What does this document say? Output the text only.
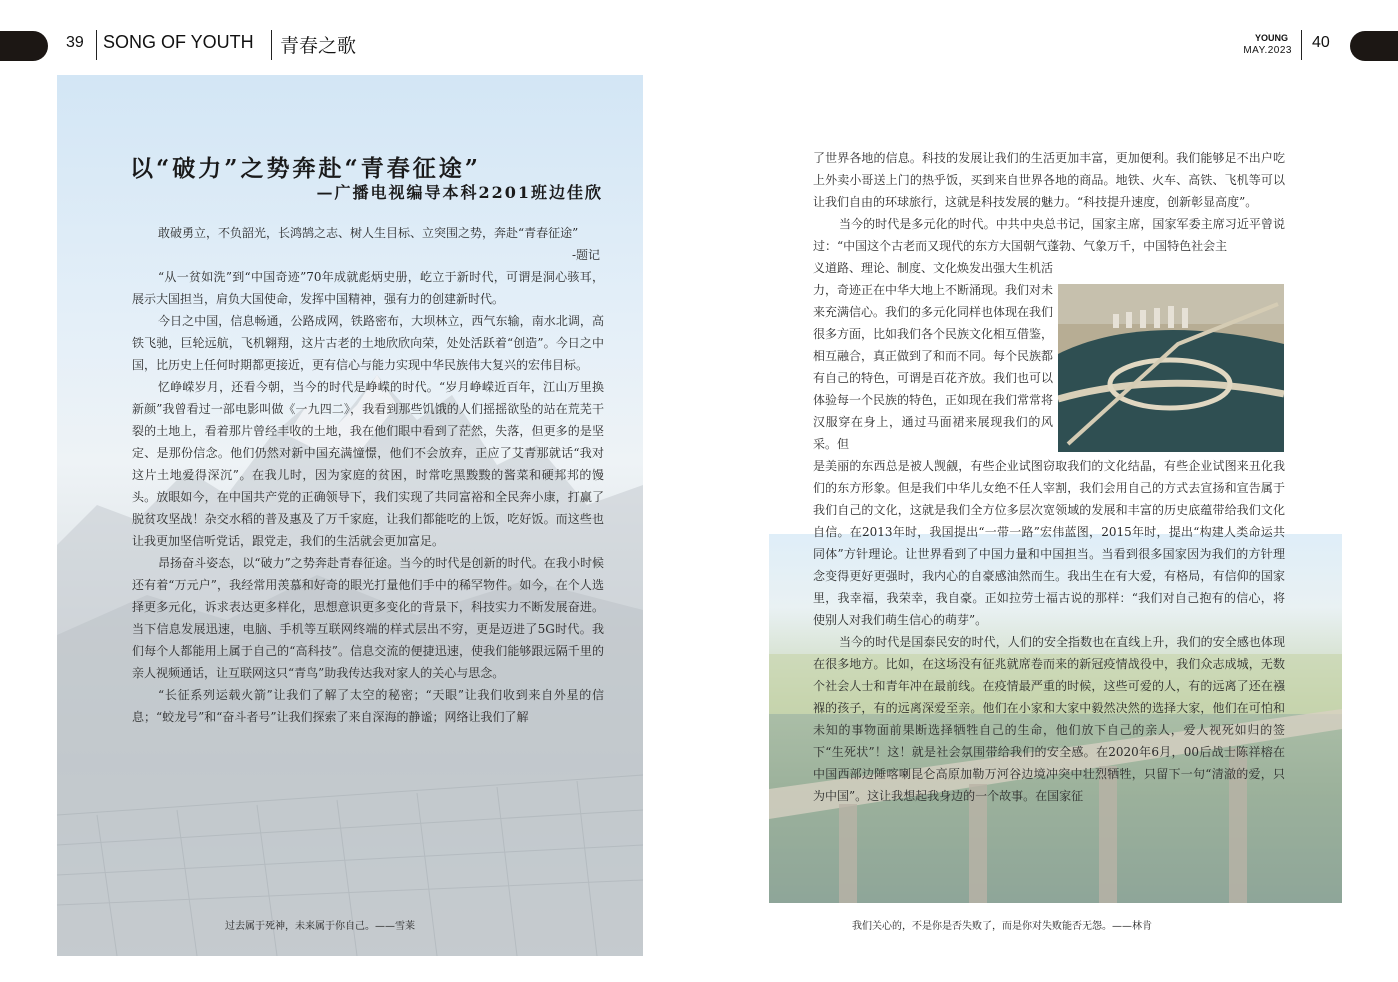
39 SONG OF YOUTH 青春之歌	YOUNG
MAY.2023 40
以“破力”之势奔赴“青春征途”
—广播电视编导本科2201班边佳欣

敢破勇立，不负韶光，长鸿鹄之志、树人生目标、立突围之势，奔赴“青春征途”

-题记

“从一贫如洗”到“中国奇迹”70年成就彪炳史册，屹立于新时代，可谓是洞心骇耳，展示大国担当，肩负大国使命，发挥中国精神，强有力的创建新时代。

今日之中国，信息畅通，公路成网，铁路密布，大坝林立，西气东输，南水北调，高铁飞驰，巨轮远航，飞机翱翔，这片古老的土地欣欣向荣，处处活跃着“创造”。今日之中国，比历史上任何时期都更接近，更有信心与能力实现中华民族伟大复兴的宏伟目标。

忆峥嵘岁月，还看今朝，当今的时代是峥嵘的时代。“岁月峥嵘近百年，江山万里换新颜”我曾看过一部电影叫做《一九四二》，我看到那些饥饿的人们摇摇欲坠的站在荒芜干裂的土地上，看着那片曾经丰收的土地，我在他们眼中看到了茫然，失落，但更多的是坚定、是那份信念。他们仍然对新中国充满憧憬，他们不会放弃，正应了艾青那就话“我对这片土地爱得深沉”。在我儿时，因为家庭的贫困，时常吃黑黢黢的酱菜和硬邦邦的馒头。放眼如今，在中国共产党的正确领导下，我们实现了共同富裕和全民奔小康，打赢了脱贫攻坚战！杂交水稻的普及惠及了万千家庭，让我们都能吃的上饭，吃好饭。而这些也让我更加坚信听党话，跟党走，我们的生活就会更加富足。

昂扬奋斗姿态，以“破力”之势奔赴青春征途。当今的时代是创新的时代。在我小时候还有着“万元户”，我经常用羡慕和好奇的眼光打量他们手中的稀罕物件。如今，在个人选择更多元化，诉求表达更多样化，思想意识更多变化的背景下，科技实力不断发展奋进。当下信息发展迅速，电脑、手机等互联网终端的样式层出不穷，更是迈进了5G时代。我们每个人都能用上属于自己的“高科技”。信息交流的便捷迅速，使我们能够跟远隔千里的亲人视频通话，让互联网这只“青鸟”助我传达我对家人的关心与思念。

“长征系列运载火箭”让我们了解了太空的秘密；“天眼”让我们收到来自外星的信息；“蛟龙号”和“奋斗者号”让我们探索了来自深海的静谧；网络让我们了解

了世界各地的信息。科技的发展让我们的生活更加丰富，更加便利。我们能够足不出户吃上外卖小哥送上门的热乎饭，买到来自世界各地的商品。地铁、火车、高铁、飞机等可以让我们自由的环球旅行，这就是科技发展的魅力。“科技提升速度，创新彰显高度”。

当今的时代是多元化的时代。中共中央总书记，国家主席，国家军委主席习近平曾说过：“中国这个古老而又现代的东方大国朝气蓬勃、气象万千，中国特色社会主

义道路、理论、制度、文化焕发出强大生机活力，奇迹正在中华大地上不断涌现。我们对未来充满信心。我们的多元化同样也体现在我们很多方面，比如我们各个民族文化相互借鉴，相互融合，真正做到了和而不同。每个民族都有自己的特色，可谓是百花齐放。我们也可以体验每一个民族的特色，正如现在我们常常将汉服穿在身上，通过马面裙来展现我们的风采。但

是美丽的东西总是被人觊觎，有些企业试图窃取我们的文化结晶，有些企业试图来丑化我们的东方形象。但是我们中华儿女绝不任人宰割，我们会用自己的方式去宣扬和宣告属于我们自己的文化，这就是我们全方位多层次宽领域的发展和丰富的历史底蕴带给我们文化自信。在2013年时，我国提出“一带一路”宏伟蓝图，2015年时，提出“构建人类命运共同体”方针理论。让世界看到了中国力量和中国担当。当看到很多国家因为我们的方针理念变得更好更强时，我内心的自豪感油然而生。我出生在有大爱，有格局，有信仰的国家里，我幸福，我荣幸，我自豪。正如拉劳士福古说的那样：“我们对自己抱有的信心，将使别人对我们萌生信心的萌芽”。

当今的时代是国泰民安的时代，人们的安全指数也在直线上升，我们的安全感也体现在很多地方。比如，在这场没有征兆就席卷而来的新冠疫情战役中，我们众志成城，无数个社会人士和青年冲在最前线。在疫情最严重的时候，这些可爱的人，有的远离了还在襁褓的孩子，有的远离深爱至亲。他们在小家和大家中毅然决然的选择大家，他们在可怕和未知的事物面前果断选择牺牲自己的生命，他们放下自己的亲人，爱人视死如归的签下“生死状”！这！就是社会氛围带给我们的安全感。在2020年6月，00后战士陈祥榕在中国西部边陲喀喇昆仑高原加勒万河谷边境冲突中壮烈牺牲，只留下一句“清澈的爱，只为中国”。这让我想起我身边的一个故事。在国家征

过去属于死神，未来属于你自己。——雪莱	我们关心的，不是你是否失败了，而是你对失败能否无怨。——林肯
